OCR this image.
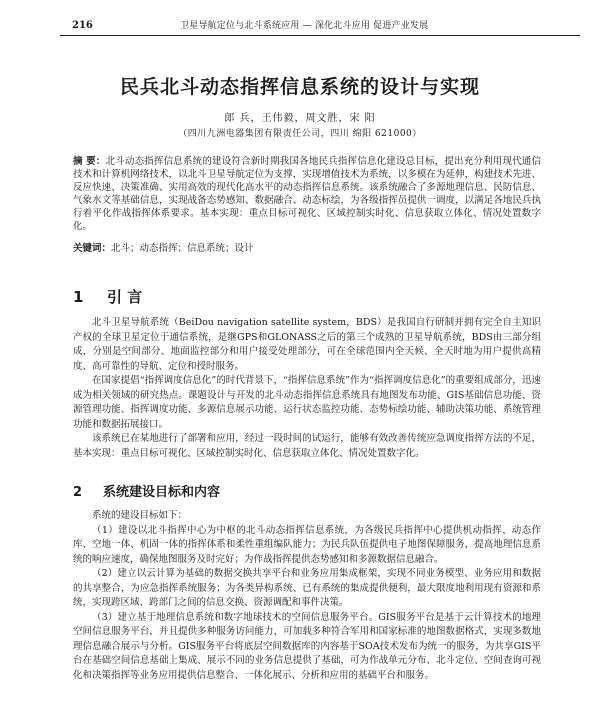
216	卫星导航定位与北斗系统应用 — 深化北斗应用 促进产业发展
民兵北斗动态指挥信息系统的设计与实现
郎 兵，王伟毅，周文胜，宋 阳
（四川九洲电器集团有限责任公司，四川 绵阳 621000）
摘 要：北斗动态指挥信息系统的建设符合新时期我国各地民兵指挥信息化建设总目标，提出充分利用现代通信技术和计算机网络技术，以北斗卫星导航定位为支撑，实现增值技术为系统，以多模在为延伸，构建技术先进、反应快速、决策准确、实用高效的现代化高水平的动态指挥信息系统。该系统融合了多源地理信息、民防信息、气象水文等基础信息，实现战备态势感知、数据融合、动态标绘，为各级指挥员提供一调度，以满足各地民兵执行着平化作战指挥体系要求。基本实现：重点目标可视化、区域控制实时化、信息获取立体化、情况处置数字化。
关键词：北斗；动态指挥；信息系统；设计
1 引 言

北斗卫星导航系统（BeiDou navigation satellite system，BDS）是我国自行研制并拥有完全自主知识产权的全球卫星定位于通信系统，是继GPS和GLONASS之后的第三个成熟的卫星导航系统，BDS由三部分组成，分别是空间部分、地面监控部分和用户接受处理部分，可在全球范围内全天候、全天时地为用户提供高精度、高可靠性的导航、定位和授时服务。

在国家提倡“指挥调度信息化”的时代背景下，“指挥信息系统”作为“指挥调度信息化”的重要组成部分，迅速成为相关领域的研究热点。课题设计与开发的北斗动态指挥信息系统具有地图发布功能、GIS基础信息功能、资源管理功能、指挥调度功能、多源信息展示功能、运行状态监控功能、态势标绘功能、辅助决策功能、系统管理功能和数据拓展接口。

该系统已在某地进行了部署和应用，经过一段时间的试运行，能够有效改善传统应急调度指挥方法的不足，基本实现：重点目标可视化、区域控制实时化、信息获取立体化、情况处置数字化。

2 系统建设目标和内容

系统的建设目标如下：

（1）建设以北斗指挥中心为中枢的北斗动态指挥信息系统，为各级民兵指挥中心提供机动指挥、动态作库、空地一体、机固一体的指挥体系和柔性重组编队能力；为民兵队伍提供电子地图保障服务，提高地理信息系统的响应速度，确保地图服务及时完好；为作战指挥提供态势感知和多源数据信息融合。

（2）建立以云计算为基础的数据交换共享平台和业务应用集成框架，实现不同业务模型、业务应用和数据的共享整合，为应急指挥系统服务；为各类异构系统、已有系统的集成提供便利，最大限度地利用现有资源和系统，实现跨区域、跨部门之间的信息交换、资源调配和事件决策。

（3）建立基于地理信息系统和数字地球技术的空间信息服务平台。GIS服务平台是基于云计算技术的地理空间信息服务平台，并且提供多种服务访问能力，可加载多种符合军用和国家标准的地图数据格式，实现多数地理信息融合展示与分析。GIS服务平台将底层空间数据库的内容基于SOA技术发布为统一的服务，为共享GIS平台在基础空间信息基础上集成、展示不同的业务信息提供了基础，可为作战单元分布、北斗定位、空间查询可视化和决策指挥等业务应用提供信息整合、一体化展示、分析和应用的基础平台和服务。
